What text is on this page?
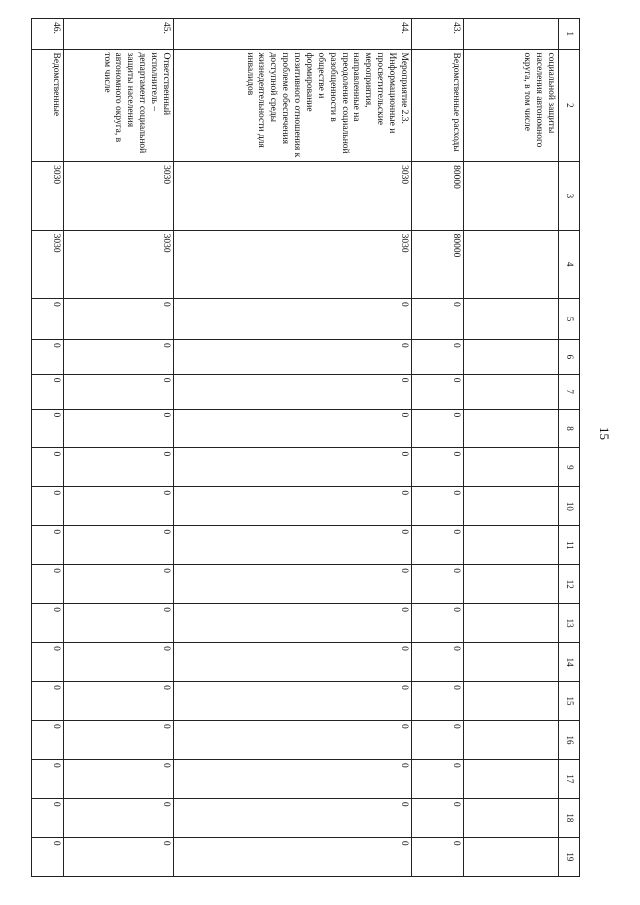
15
1	2	3	4	5	6	7	8	9	10	11	12	13	14	15	16	17	18	19
	социальной защиты населения автономного округа, в том числе																	
43.	Ведомственные расходы	80000	80000	0	0	0	0	0	0	0	0	0	0	0	0	0	0	0
44.	Мероприятие 2.3. Информационные и просветительские мероприятия, направленные на преодоление социальной разобщенности в обществе и формирование позитивного отношения к проблеме обеспечения доступной среды жизнедеятельности для инвалидов	3030	3030	0	0	0	0	0	0	0	0	0	0	0	0	0	0	0
45.	Ответственный исполнитель – департамент социальной защиты населения автономного округа, в том числе	3030	3030	0	0	0	0	0	0	0	0	0	0	0	0	0	0	0
46.	Ведомственные	3030	3030	0	0	0	0	0	0	0	0	0	0	0	0	0	0	0
